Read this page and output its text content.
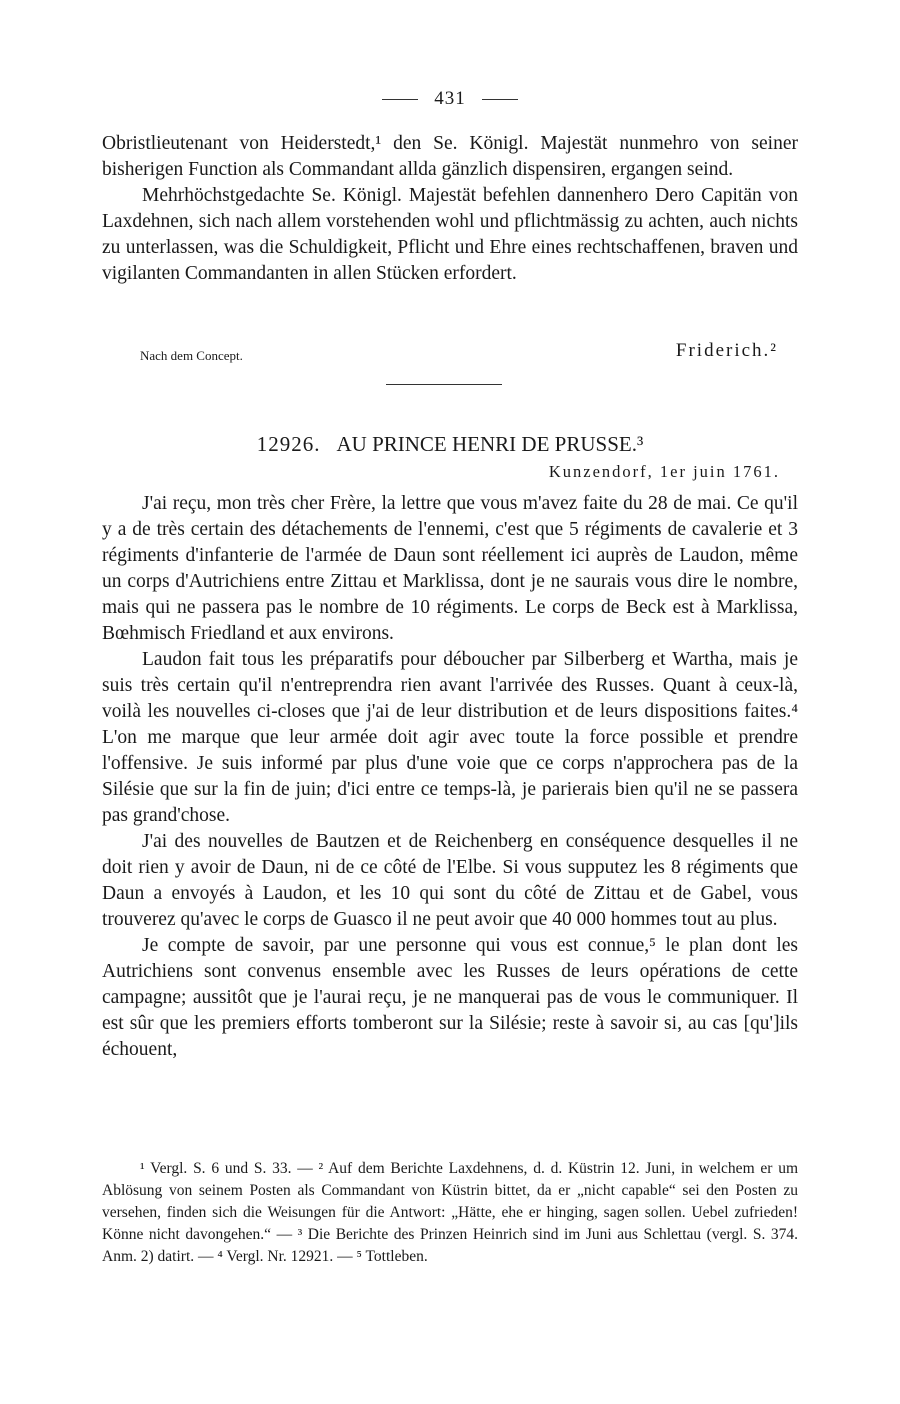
431

Obristlieutenant von Heiderstedt,¹ den Se. Königl. Majestät nunmehro von seiner bisherigen Function als Commandant allda gänzlich dispensiren, ergangen seind.

Mehrhöchstgedachte Se. Königl. Majestät befehlen dannenhero Dero Capitän von Laxdehnen, sich nach allem vorstehenden wohl und pflichtmässig zu achten, auch nichts zu unterlassen, was die Schuldigkeit, Pflicht und Ehre eines rechtschaffenen, braven und vigilanten Commandanten in allen Stücken erfordert.

Nach dem Concept.	Friderich.²
12926. AU PRINCE HENRI DE PRUSSE.³
Kunzendorf, 1er juin 1761.

J'ai reçu, mon très cher Frère, la lettre que vous m'avez faite du 28 de mai. Ce qu'il y a de très certain des détachements de l'ennemi, c'est que 5 régiments de cavalerie et 3 régiments d'infanterie de l'armée de Daun sont réellement ici auprès de Laudon, même un corps d'Autrichiens entre Zittau et Marklissa, dont je ne saurais vous dire le nombre, mais qui ne passera pas le nombre de 10 régiments. Le corps de Beck est à Marklissa, Bœhmisch Friedland et aux environs.

Laudon fait tous les préparatifs pour déboucher par Silberberg et Wartha, mais je suis très certain qu'il n'entreprendra rien avant l'arrivée des Russes. Quant à ceux-là, voilà les nouvelles ci-closes que j'ai de leur distribution et de leurs dispositions faites.⁴ L'on me marque que leur armée doit agir avec toute la force possible et prendre l'offensive. Je suis informé par plus d'une voie que ce corps n'approchera pas de la Silésie que sur la fin de juin; d'ici entre ce temps-là, je parierais bien qu'il ne se passera pas grand'chose.

J'ai des nouvelles de Bautzen et de Reichenberg en conséquence desquelles il ne doit rien y avoir de Daun, ni de ce côté de l'Elbe. Si vous supputez les 8 régiments que Daun a envoyés à Laudon, et les 10 qui sont du côté de Zittau et de Gabel, vous trouverez qu'avec le corps de Guasco il ne peut avoir que 40 000 hommes tout au plus.

Je compte de savoir, par une personne qui vous est connue,⁵ le plan dont les Autrichiens sont convenus ensemble avec les Russes de leurs opérations de cette campagne; aussitôt que je l'aurai reçu, je ne manquerai pas de vous le communiquer. Il est sûr que les premiers efforts tomberont sur la Silésie; reste à savoir si, au cas [qu']ils échouent,

¹ Vergl. S. 6 und S. 33. — ² Auf dem Berichte Laxdehnens, d. d. Küstrin 12. Juni, in welchem er um Ablösung von seinem Posten als Commandant von Küstrin bittet, da er „nicht capable“ sei den Posten zu versehen, finden sich die Weisungen für die Antwort: „Hätte, ehe er hinging, sagen sollen. Uebel zufrieden! Könne nicht davongehen.“ — ³ Die Berichte des Prinzen Heinrich sind im Juni aus Schlettau (vergl. S. 374. Anm. 2) datirt. — ⁴ Vergl. Nr. 12921. — ⁵ Tottleben.
